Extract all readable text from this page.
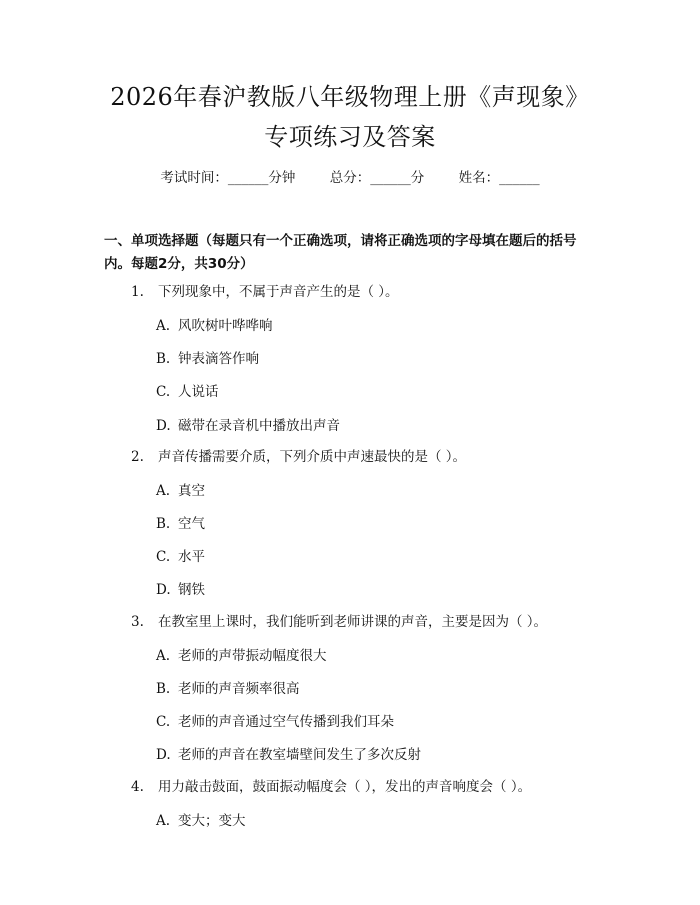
2026年春沪教版八年级物理上册《声现象》
专项练习及答案
考试时间：______分钟	总分：______分	姓名：______
一、单项选择题（每题只有一个正确选项，请将正确选项的字母填在题后的括号
内。每题2分，共30分）
1. 下列现象中，不属于声音产生的是（ ）。
A. 风吹树叶哗哗响
B. 钟表滴答作响
C. 人说话
D. 磁带在录音机中播放出声音
2. 声音传播需要介质，下列介质中声速最快的是（ ）。
A. 真空
B. 空气
C. 水平
D. 钢铁
3. 在教室里上课时，我们能听到老师讲课的声音，主要是因为（ ）。
A. 老师的声带振动幅度很大
B. 老师的声音频率很高
C. 老师的声音通过空气传播到我们耳朵
D. 老师的声音在教室墙壁间发生了多次反射
4. 用力敲击鼓面，鼓面振动幅度会（ ），发出的声音响度会（ ）。
A. 变大；变大
